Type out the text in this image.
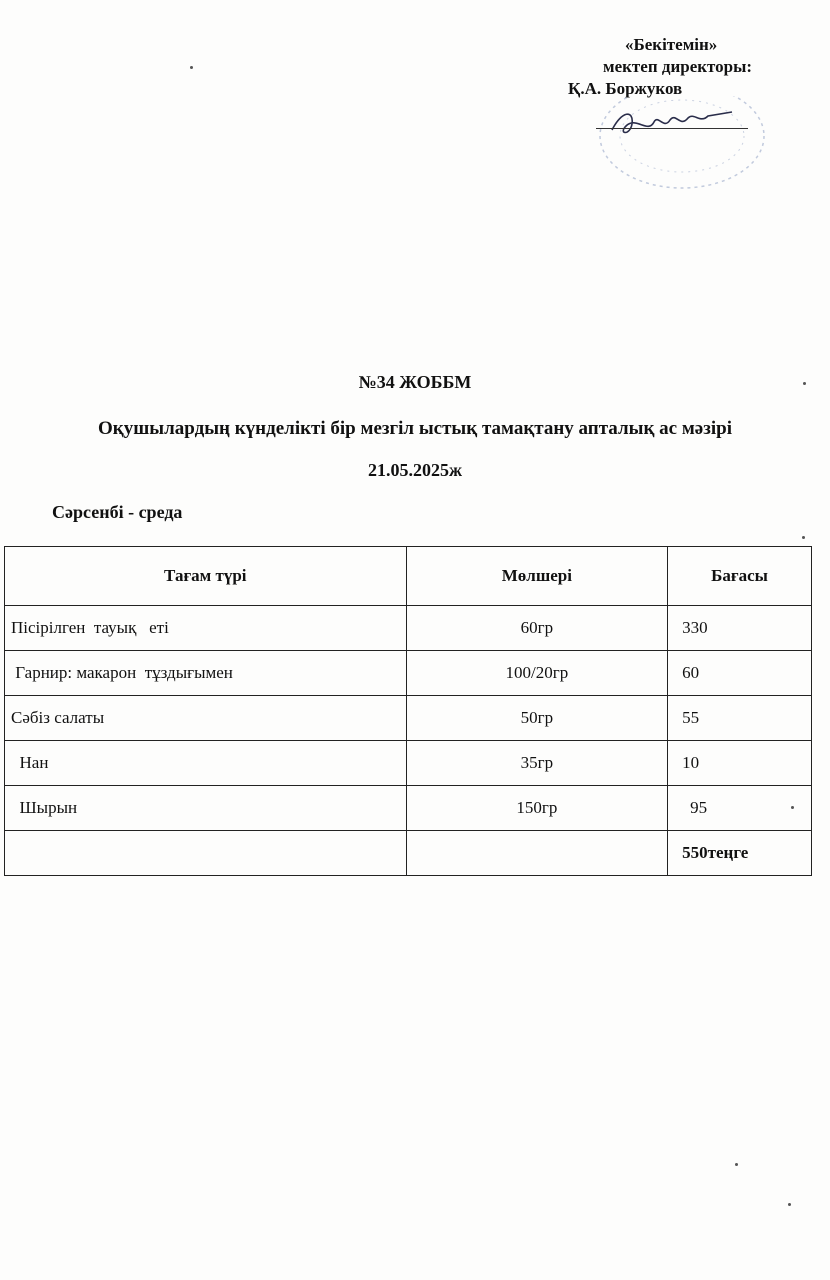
«Бекітемін»
мектеп директоры:
Қ.А. Боржуков
№34 ЖОББМ
Оқушылардың күнделікті бір мезгіл ыстық тамақтану апталық ас мәзірі
21.05.2025ж
Сәрсенбі - среда
Тағам түрі	Мөлшері	Бағасы
Пісірілген  тауық   еті	60гр	330
Гарнир: макарон  тұздығымен	100/20гр	60
Сәбіз салаты	50гр	55
Нан	35гр	10
Шырын	150гр	95
		550теңге
